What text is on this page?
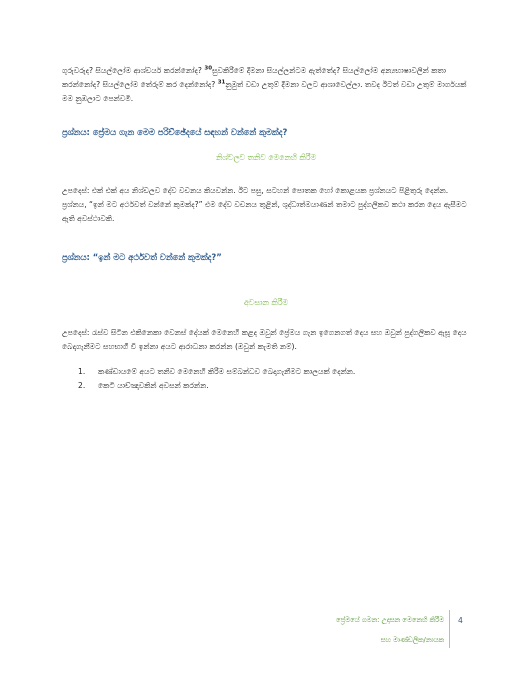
ගුරුවරුද? සියල්ලෝම ආශ්චර්ය කරන්නෝද? $^{30}$සුවකිරීමේ දීමනා සියල්ලන්ටම ඇත්තේද? සියල්ලෝම අන්‍යභාෂාවලින් කතා කරන්නෝද? සියල්ලෝම තේරුම් කර දෙන්නෝද? $^{31}$නුමුත් වඩා උතුම් දීමනා වලට ආශාවෙල්ලා. තවද ඊටත් වඩා උතුම් මාර්ගයක් මම නුඹලාට පෙන්වමි.

ප්‍රශ්නය: ප්‍රේමය ගැන මෙම පරිච්ඡේදයේ සඳහන් වන්නේ කුමක්ද?

නිශ්චලව තනිව මෙනෙහි කිරීම

උපදෙස්: එක් එක් අය නිශ්චලව දේව වචනය කියවන්න. ඊට පසු, සටහන් පොතක හෝ කොළයක ප්‍රශ්නයට පිළිතුරු දෙන්න. ප්‍රශ්නය, “ඉන් මට අර්ථවත් වන්නේ කුමක්ද?” එම දේව වචනය තුළින්, ශුද්ධාත්මයාණන් තමාට පුද්ගලිකව කථා කරන දෙය ඇසීමට ඇති අවස්ථාවකි.

ප්‍රශ්නය: “ඉන් මට අර්ථවත් වන්නේ කුමක්ද?”

අවසාන කිරීම

උපදෙස්: රැස්ව සිටින එකිනෙකා වෙනස් දේයක් මෙනෙහි කළද ඔවුන් ප්‍රේමය ගැන ඉගෙනගත් දෙය සහ ඔවුන් පුද්ගලිකව ඇසූ දෙය බෙදාගැනීමට සහභාගී වී ඉන්නා අයට ආරාධනා කරන්න (ඔවුන් කැමති නම්).

1.	කණ්ඩායමේ අයට තනිව මෙනෙහි කිරීම සම්බන්ධව බෙදාගැනීමට කාලයක් දෙන්න.
2.	කෙටි යාච්ඤාවකින් අවසන් කරන්න.

ප්‍රේමයේ ගමන: උදාසන මෙනෙහි කිරීම

සහ මාණ්ඩලික/නායක

4
